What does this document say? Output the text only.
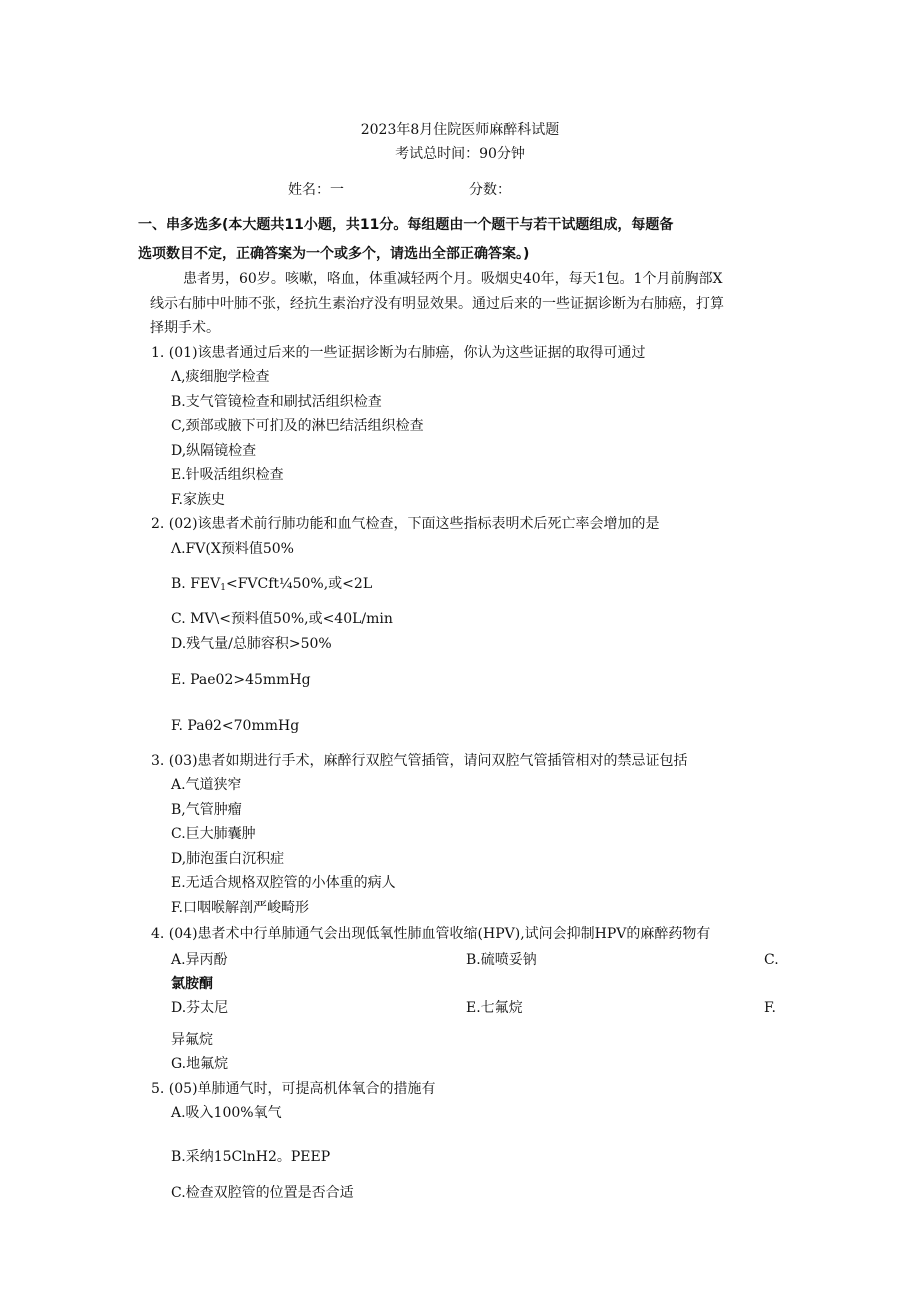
2023年8月住院医师麻醉科试题
考试总时间：90分钟
姓名：一	分数：
一、串多选多(本大题共11小题，共11分。每组题由一个题干与若干试题组成，每题备
选项数目不定，正确答案为一个或多个，请选出全部正确答案。)
患者男，60岁。咳嗽，咯血，体重减轻两个月。吸烟史40年，每天1包。1个月前胸部X
线示右肺中叶肺不张，经抗生素治疗没有明显效果。通过后来的一些证据诊断为右肺癌，打算
择期手术。
1. (01)该患者通过后来的一些证据诊断为右肺癌，你认为这些证据的取得可通过
Λ,痰细胞学检查
B.支气管镜检查和刷拭活组织检查
C,颈部或腋下可扪及的淋巴结活组织检查
D,纵隔镜检查
E.针吸活组织检查
F.家族史
2. (02)该患者术前行肺功能和血气检查，下面这些指标表明术后死亡率会增加的是
Λ.FV(X预料值50%
B. $FEV_1<FVCft\frac{1}{4}50\%$,或<2L
C. MV\<预料值50%,或<40L/min
D.残气量/总肺容积>50%
E. Pae02>45mmHg
F. Paθ2<70mmHg
3. (03)患者如期进行手术，麻醉行双腔气管插管，请问双腔气管插管相对的禁忌证包括
A.气道狭窄
B,气管肿瘤
C.巨大肺囊肿
D,肺泡蛋白沉积症
E.无适合规格双腔管的小体重的病人
F.口咽喉解剖严峻畸形
4. (04)患者术中行单肺通气会出现低氧性肺血管收缩(HPV),试问会抑制HPV的麻醉药物有
A.异丙酚	B.硫喷妥钠	C.
氯胺酮
D.芬太尼	E.七氟烷	F.
异氟烷
G.地氟烷
5. (05)单肺通气时，可提高机体氧合的措施有
A.吸入100%氧气
B.采纳15ClnH2。PEEP
C.检查双腔管的位置是否合适
